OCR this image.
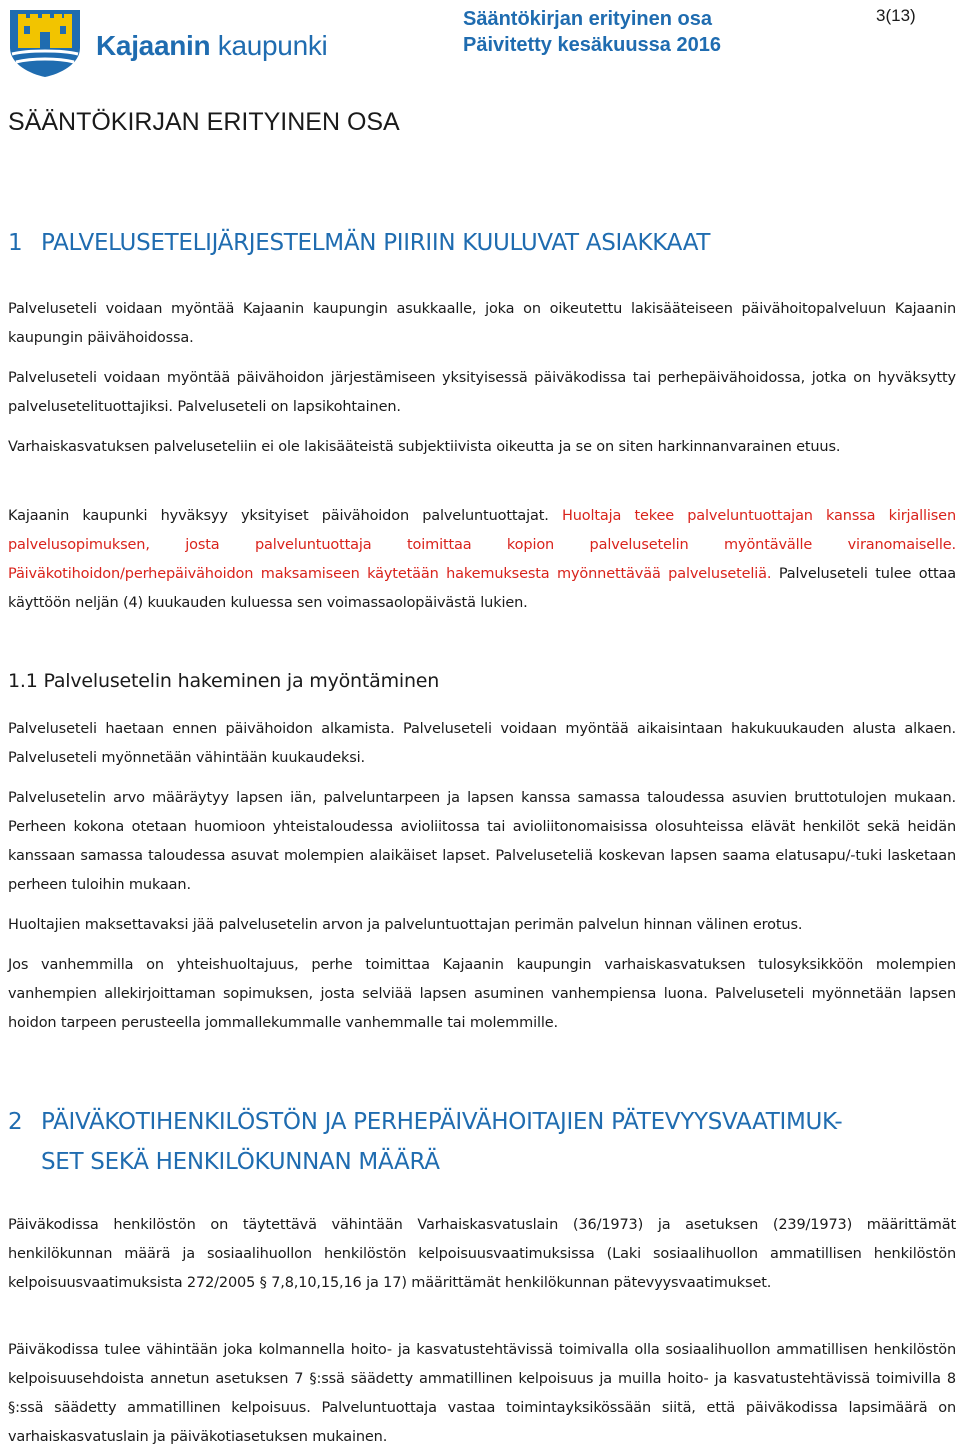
Kajaanin kaupunki
Sääntökirjan erityinen osa
Päivitetty kesäkuussa 2016
3(13)
SÄÄNTÖKIRJAN ERITYINEN OSA
1 PALVELUSETELIJÄRJESTELMÄN PIIRIIN KUULUVAT ASIAKKAAT
Palveluseteli voidaan myöntää Kajaanin kaupungin asukkaalle, joka on oikeutettu lakisääteiseen päivähoitopalveluun Kajaanin kaupungin päivähoidossa.
Palveluseteli voidaan myöntää päivähoidon järjestämiseen yksityisessä päiväkodissa tai perhepäivähoidossa, jotka on hyväksytty palvelusetelituottajiksi. Palveluseteli on lapsikohtainen.
Varhaiskasvatuksen palveluseteliin ei ole lakisääteistä subjektiivista oikeutta ja se on siten harkinnanvarainen etuus.
Kajaanin kaupunki hyväksyy yksityiset päivähoidon palveluntuottajat. Huoltaja tekee palveluntuottajan kanssa kirjallisen palvelusopimuksen, josta palveluntuottaja toimittaa kopion palvelusetelin myöntävälle viranomaiselle. Päiväkotihoidon/perhepäivähoidon maksamiseen käytetään hakemuksesta myönnettävää palveluseteliä. Palveluseteli tulee ottaa käyttöön neljän (4) kuukauden kuluessa sen voimassaolopäivästä lukien.
1.1 Palvelusetelin hakeminen ja myöntäminen
Palveluseteli haetaan ennen päivähoidon alkamista. Palveluseteli voidaan myöntää aikaisintaan hakukuukauden alusta alkaen. Palveluseteli myönnetään vähintään kuukaudeksi.
Palvelusetelin arvo määräytyy lapsen iän, palveluntarpeen ja lapsen kanssa samassa taloudessa asuvien bruttotulojen mukaan. Perheen kokona otetaan huomioon yhteistaloudessa avioliitossa tai avioliitonomaisissa olosuhteissa elävät henkilöt sekä heidän kanssaan samassa taloudessa asuvat molempien alaikäiset lapset. Palveluseteliä koskevan lapsen saama elatusapu/-tuki lasketaan perheen tuloihin mukaan.
Huoltajien maksettavaksi jää palvelusetelin arvon ja palveluntuottajan perimän palvelun hinnan välinen erotus.
Jos vanhemmilla on yhteishuoltajuus, perhe toimittaa Kajaanin kaupungin varhaiskasvatuksen tulosyksikköön molempien vanhempien allekirjoittaman sopimuksen, josta selviää lapsen asuminen vanhempiensa luona. Palveluseteli myönnetään lapsen hoidon tarpeen perusteella jommallekummalle vanhemmalle tai molemmille.
2 PÄIVÄKOTIHENKILÖSTÖN JA PERHEPÄIVÄHOITAJIEN PÄTEVYYSVAATIMUK-
SET SEKÄ HENKILÖKUNNAN MÄÄRÄ
Päiväkodissa henkilöstön on täytettävä vähintään Varhaiskasvatuslain (36/1973) ja asetuksen (239/1973) määrittämät henkilökunnan määrä ja sosiaalihuollon henkilöstön kelpoisuusvaatimuksissa (Laki sosiaalihuollon ammatillisen henkilöstön kelpoisuusvaatimuksista 272/2005 § 7,8,10,15,16 ja 17) määrittämät henkilökunnan pätevyysvaatimukset.
Päiväkodissa tulee vähintään joka kolmannella hoito- ja kasvatustehtävissä toimivalla olla sosiaalihuollon ammatillisen henkilöstön kelpoisuusehdoista annetun asetuksen 7 §:ssä säädetty ammatillinen kelpoisuus ja muilla hoito- ja kasvatustehtävissä toimivilla 8 §:ssä säädetty ammatillinen kelpoisuus. Palveluntuottaja vastaa toimintayksikössään siitä, että päiväkodissa lapsimäärä on varhaiskasvatuslain ja päiväkotiasetuksen mukainen.
